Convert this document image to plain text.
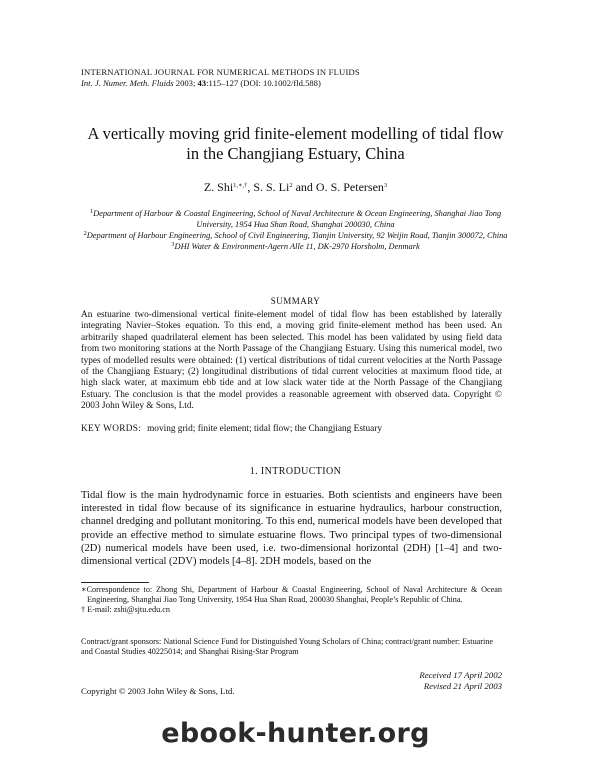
INTERNATIONAL JOURNAL FOR NUMERICAL METHODS IN FLUIDS
Int. J. Numer. Meth. Fluids 2003; 43:115–127 (DOI: 10.1002/fld.588)
A vertically moving grid finite-element modelling of tidal flow
in the Changjiang Estuary, China
Z. Shi$^{1,∗,\dagger}$, S. S. Li$^2$ and O. S. Petersen$^3$

$^1$Department of Harbour & Coastal Engineering, School of Naval Architecture & Ocean Engineering, Shanghai Jiao Tong University, 1954 Hua Shan Road, Shanghai 200030, China

$^2$Department of Harbour Engineering, School of Civil Engineering, Tianjin University, 92 Weijin Road, Tianjin 300072, China

$^3$DHI Water & Environment-Agern Alle 11, DK-2970 Horsholm, Denmark

SUMMARY
An estuarine two-dimensional vertical finite-element model of tidal flow has been established by laterally integrating Navier–Stokes equation. To this end, a moving grid finite-element method has been used. An arbitrarily shaped quadrilateral element has been selected. This model has been validated by using field data from two monitoring stations at the North Passage of the Changjiang Estuary. Using this numerical model, two types of modelled results were obtained: (1) vertical distributions of tidal current velocities at the North Passage of the Changjiang Estuary; (2) longitudinal distributions of tidal current velocities at maximum flood tide, at high slack water, at maximum ebb tide and at low slack water tide at the North Passage of the Changjiang Estuary. The conclusion is that the model provides a reasonable agreement with observed data. Copyright © 2003 John Wiley & Sons, Ltd.
KEY WORDS: moving grid; finite element; tidal flow; the Changjiang Estuary
1. INTRODUCTION
Tidal flow is the main hydrodynamic force in estuaries. Both scientists and engineers have been interested in tidal flow because of its significance in estuarine hydraulics, harbour construction, channel dredging and pollutant monitoring. To this end, numerical models have been developed that provide an effective method to simulate estuarine flows. Two principal types of two-dimensional (2D) numerical models have been used, i.e. two-dimensional horizontal (2DH) [1–4] and two-dimensional vertical (2DV) models [4–8]. 2DH models, based on the

∗Correspondence to: Zhong Shi, Department of Harbour & Coastal Engineering, School of Naval Architecture & Ocean Engineering, Shanghai Jiao Tong University, 1954 Hua Shan Road, 200030 Shanghai, People’s Republic of China.

† E-mail: zshi@sjtu.edu.cn

Contract/grant sponsors: National Science Fund for Distinguished Young Scholars of China; contract/grant number: Estuarine and Coastal Studies 40225014; and Shanghai Rising-Star Program
Received 17 April 2002
Revised 21 April 2003
Copyright © 2003 John Wiley & Sons, Ltd.
ebook-hunter.org
